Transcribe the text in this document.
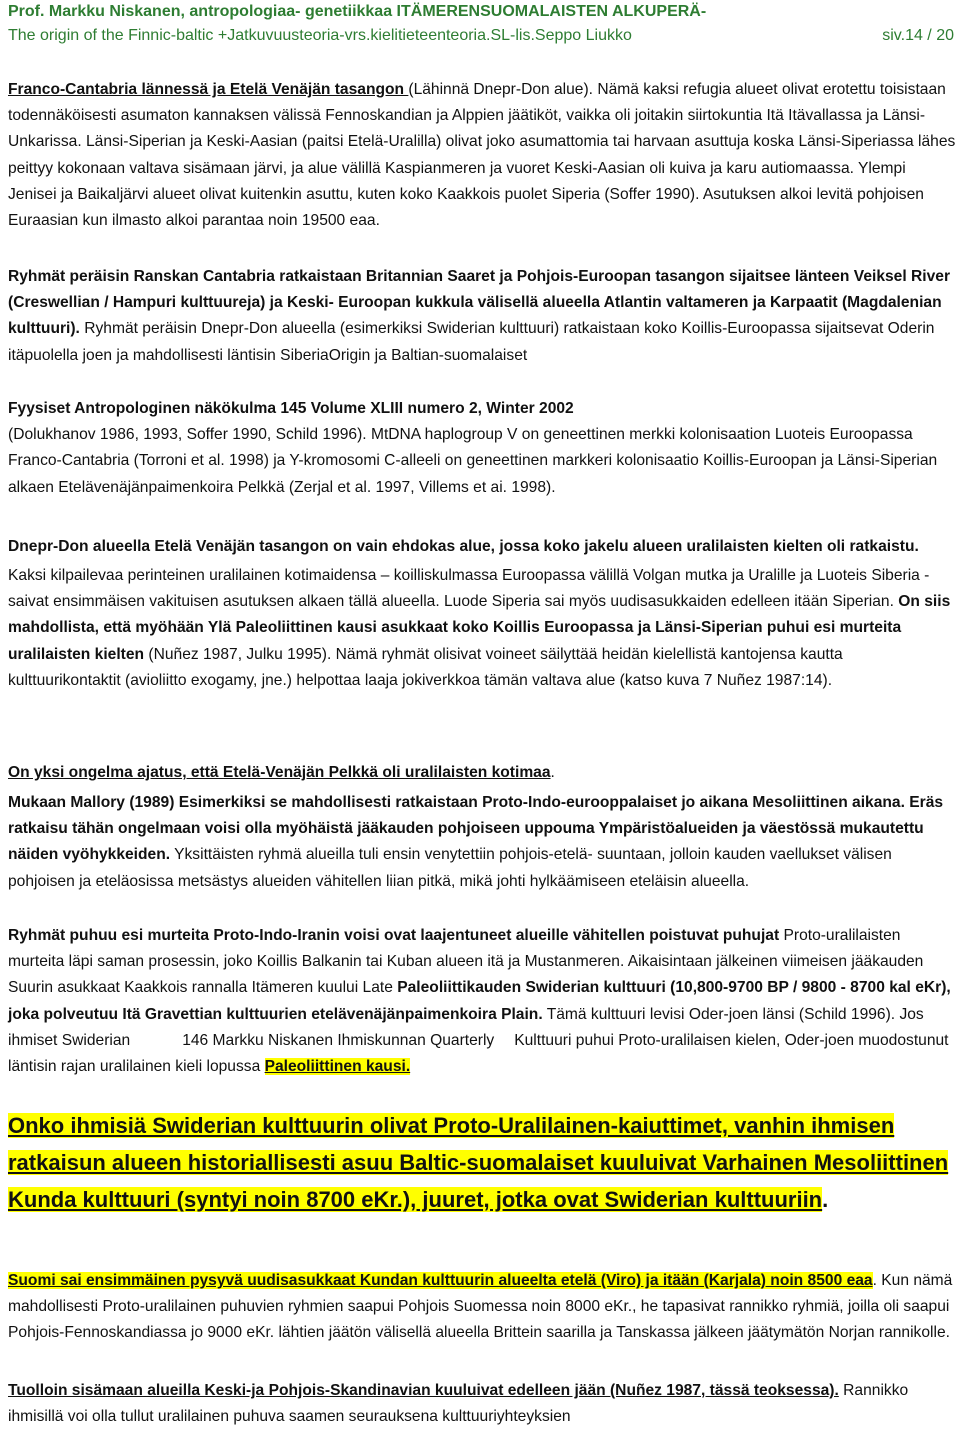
Prof. Markku Niskanen, antropologiaa- genetiikkaa ITÄMERENSUOMALAISTEN ALKUPERÄ-
The origin of the Finnic-baltic +Jatkuvuusteoria-vrs.kielitieteenteoria.SL-lis.Seppo Liukko	siv.14 / 20
Franco-Cantabria lännessä ja Etelä Venäjän tasangon (Lähinnä Dnepr-Don alue). Nämä kaksi refugia alueet olivat erotettu toisistaan todennäköisesti asumaton kannaksen välissä Fennoskandian ja Alppien jäätiköt, vaikka oli joitakin siirtokuntia Itä Itävallassa ja Länsi-Unkarissa. Länsi-Siperian ja Keski-Aasian (paitsi Etelä-Uralilla) olivat joko asumattomia tai harvaan asuttuja koska Länsi-Siperiassa lähes peittyy kokonaan valtava sisämaan järvi, ja alue välillä Kaspianmeren ja vuoret Keski-Aasian oli kuiva ja karu autiomaassa. Ylempi Jenisei ja Baikaljärvi alueet olivat kuitenkin asuttu, kuten koko Kaakkois puolet Siperia (Soffer 1990). Asutuksen alkoi levitä pohjoisen Euraasian kun ilmasto alkoi parantaa noin 19500 eaa.
Ryhmät peräisin Ranskan Cantabria ratkaistaan Britannian Saaret ja Pohjois-Euroopan tasangon sijaitsee länteen Veiksel River (Creswellian / Hampuri kulttuureja) ja Keski- Euroopan kukkula välisellä alueella Atlantin valtameren ja Karpaatit (Magdalenian kulttuuri). Ryhmät peräisin Dnepr-Don alueella (esimerkiksi Swiderian kulttuuri) ratkaistaan koko Koillis-Euroopassa sijaitsevat Oderin itäpuolella joen ja mahdollisesti läntisin SiberiaOrigin ja Baltian-suomalaiset
Fyysiset Antropologinen näkökulma 145 Volume XLIII numero 2, Winter 2002
(Dolukhanov 1986, 1993, Soffer 1990, Schild 1996). MtDNA haplogroup V on geneettinen merkki kolonisaation Luoteis Euroopassa Franco-Cantabria (Torroni et al. 1998) ja Y-kromosomi C-alleeli on geneettinen markkeri kolonisaatio Koillis-Euroopan ja Länsi-Siperian alkaen Etelävenäjänpaimenkoira Pelkkä (Zerjal et al. 1997, Villems et ai. 1998).
Dnepr-Don alueella Etelä Venäjän tasangon on vain ehdokas alue, jossa koko jakelu alueen uralilaisten kielten oli ratkaistu. Kaksi kilpailevaa perinteinen uralilainen kotimaidensa – koilliskulmassa Euroopassa välillä Volgan mutka ja Uralille ja Luoteis Siberia - saivat ensimmäisen vakituisen asutuksen alkaen tällä alueella. Luode Siperia sai myös uudisasukkaiden edelleen itään Siperian. On siis mahdollista, että myöhään Ylä Paleoliittinen kausi asukkaat koko Koillis Euroopassa ja Länsi-Siperian puhui esi murteita uralilaisten kielten (Nuñez 1987, Julku 1995). Nämä ryhmät olisivat voineet säilyttää heidän kielellistä kantojensa kautta kulttuurikontaktit (avioliitto exogamy, jne.) helpottaa laaja jokiverkkoa tämän valtava alue (katso kuva 7 Nuñez 1987:14).
On yksi ongelma ajatus, että Etelä-Venäjän Pelkkä oli uralilaisten kotimaa.
Mukaan Mallory (1989) Esimerkiksi se mahdollisesti ratkaistaan Proto-Indo-eurooppalaiset jo aikana Mesoliittinen aikana. Eräs ratkaisu tähän ongelmaan voisi olla myöhäistä jääkauden pohjoiseen uppouma Ympäristöalueiden ja väestössä mukautettu näiden vyöhykkeiden. Yksittäisten ryhmä alueilla tuli ensin venytettiin pohjois-etelä- suuntaan, jolloin kauden vaellukset välisen pohjoisen ja eteläosissa metsästys alueiden vähitellen liian pitkä, mikä johti hylkäämiseen eteläisin alueella.
Ryhmät puhuu esi murteita Proto-Indo-Iranin voisi ovat laajentuneet alueille vähitellen poistuvat puhujat Proto-uralilaisten murteita läpi saman prosessin, joko Koillis Balkanin tai Kuban alueen itä ja Mustanmeren. Aikaisintaan jälkeinen viimeisen jääkauden Suurin asukkaat Kaakkois rannalla Itämeren kuului Late Paleoliittikauden Swiderian kulttuuri (10,800-9700 BP / 9800 - 8700 kal eKr), joka polveutuu Itä Gravettian kulttuurien etelävenäjänpaimenkoira Plain. Tämä kulttuuri levisi Oder-joen länsi (Schild 1996). Jos ihmiset Swiderian	146 Markku Niskanen Ihmiskunnan Quarterly Kulttuuri puhui Proto-uralilaisen kielen, Oder-joen muodostunut läntisin rajan uralilainen kieli lopussa Paleoliittinen kausi.
Onko ihmisiä Swiderian kulttuurin olivat Proto-Uralilainen-kaiuttimet, vanhin ihmisen ratkaisun alueen historiallisesti asuu Baltic-suomalaiset kuuluivat Varhainen Mesoliittinen Kunda kulttuuri (syntyi noin 8700 eKr.), juuret, jotka ovat Swiderian kulttuuriin.
Suomi sai ensimmäinen pysyvä uudisasukkaat Kundan kulttuurin alueelta etelä (Viro) ja itään (Karjala) noin 8500 eaa. Kun nämä mahdollisesti Proto-uralilainen puhuvien ryhmien saapui Pohjois Suomessa noin 8000 eKr., he tapasivat rannikko ryhmiä, joilla oli saapui Pohjois-Fennoskandiassa jo 9000 eKr. lähtien jäätön välisellä alueella Brittein saarilla ja Tanskassa jälkeen jäätymätön Norjan rannikolle.
Tuolloin sisämaan alueilla Keski-ja Pohjois-Skandinavian kuuluivat edelleen jään (Nuñez 1987, tässä teoksessa). Rannikko ihmisillä voi olla tullut uralilainen puhuva saamen seurauksena kulttuuriyhteyksien
